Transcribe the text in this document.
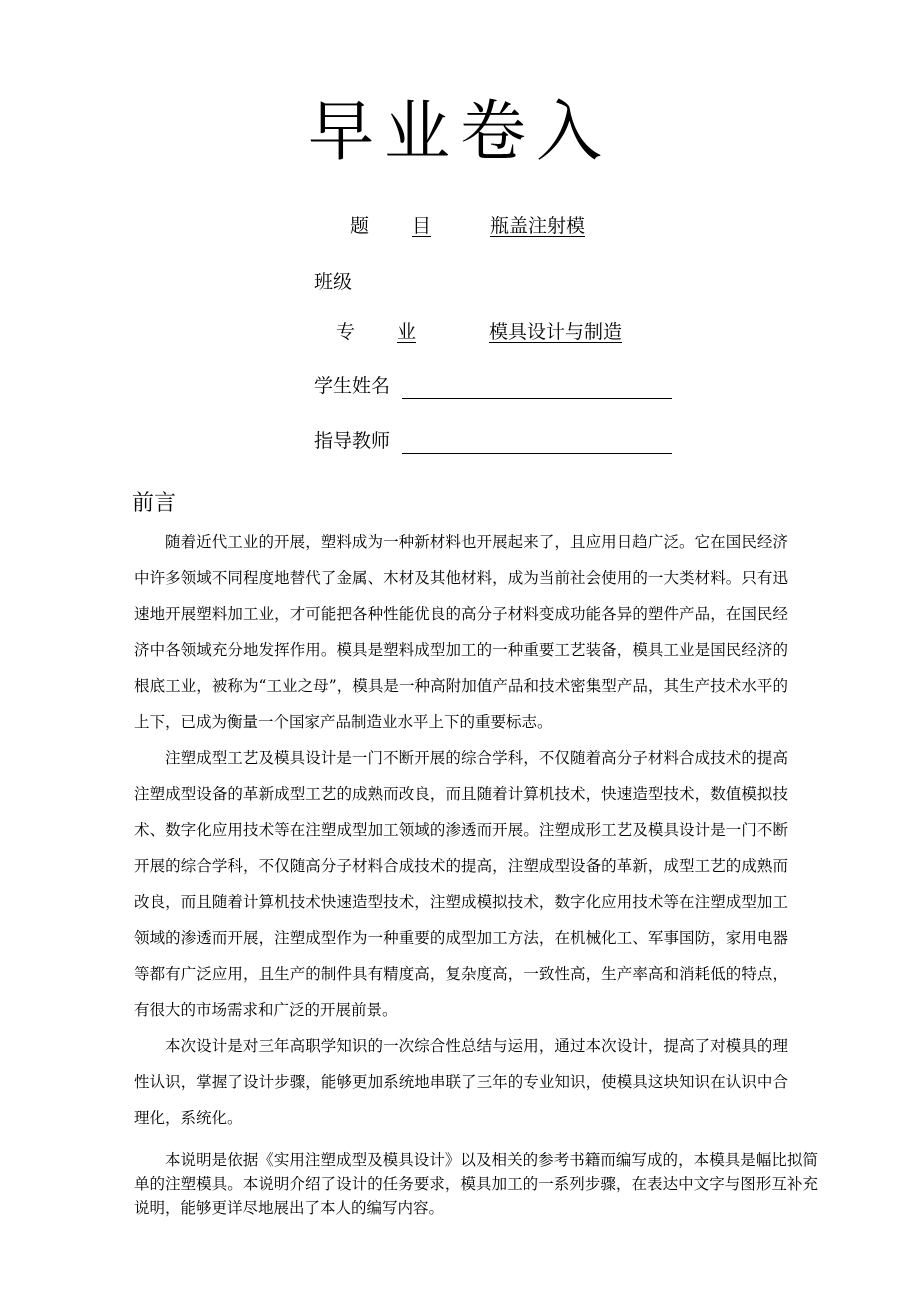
早业卷入
题 目	瓶盖注射模
班级
专 业	模具设计与制造
学生姓名
指导教师
前言

随着近代工业的开展，塑料成为一种新材料也开展起来了，且应用日趋广泛。它在国民经济中许多领域不同程度地替代了金属、木材及其他材料，成为当前社会使用的一大类材料。只有迅速地开展塑料加工业，才可能把各种性能优良的高分子材料变成功能各异的塑件产品，在国民经济中各领域充分地发挥作用。模具是塑料成型加工的一种重要工艺装备，模具工业是国民经济的根底工业，被称为“工业之母”，模具是一种高附加值产品和技术密集型产品，其生产技术水平的上下，已成为衡量一个国家产品制造业水平上下的重要标志。

注塑成型工艺及模具设计是一门不断开展的综合学科，不仅随着高分子材料合成技术的提高注塑成型设备的革新成型工艺的成熟而改良，而且随着计算机技术，快速造型技术，数值模拟技术、数字化应用技术等在注塑成型加工领域的渗透而开展。注塑成形工艺及模具设计是一门不断开展的综合学科，不仅随高分子材料合成技术的提高，注塑成型设备的革新，成型工艺的成熟而改良，而且随着计算机技术快速造型技术，注塑成模拟技术，数字化应用技术等在注塑成型加工领域的渗透而开展，注塑成型作为一种重要的成型加工方法，在机械化工、军事国防，家用电器等都有广泛应用，且生产的制件具有精度高，复杂度高，一致性高，生产率高和消耗低的特点，有很大的市场需求和广泛的开展前景。

本次设计是对三年高职学知识的一次综合性总结与运用，通过本次设计，提高了对模具的理性认识，掌握了设计步骤，能够更加系统地串联了三年的专业知识，使模具这块知识在认识中合理化，系统化。

本说明是依据《实用注塑成型及模具设计》以及相关的参考书籍而编写成的，本模具是幅比拟简单的注塑模具。本说明介绍了设计的任务要求，模具加工的一系列步骤，在表达中文字与图形互补充说明，能够更详尽地展出了本人的编写内容。
